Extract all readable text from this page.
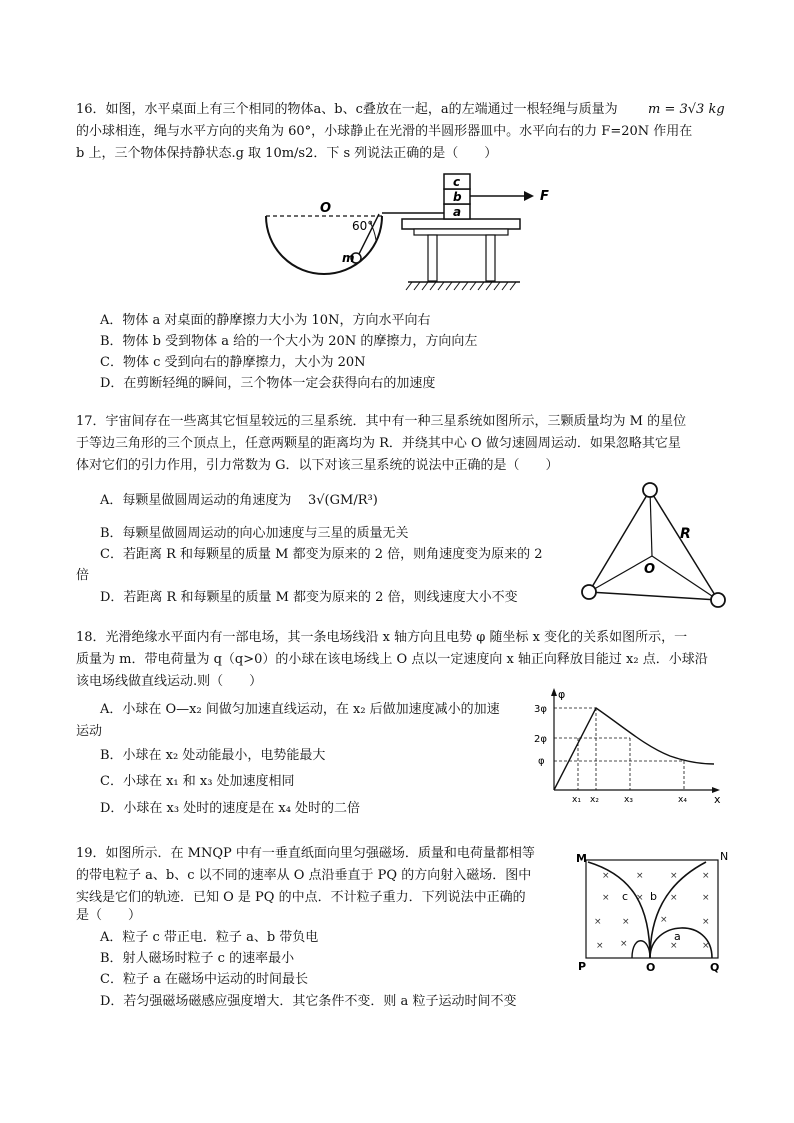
16．如图，水平桌面上有三个相同的物体a、b、c叠放在一起，a的左端通过一根轻绳与质量为 m = 3√3 kg
的小球相连，绳与水平方向的夹角为 60°，小球静止在光滑的半圆形器皿中。水平向右的力 F=20N 作用在
b 上，三个物体保持静状态.g 取 10m/s2．下 s 列说法正确的是（　　）
O
60°
m
a
b
c
F
A．物体 a 对桌面的静摩擦力大小为 10N，方向水平向右
B．物体 b 受到物体 a 给的一个大小为 20N 的摩擦力，方向向左
C．物体 c 受到向右的静摩擦力，大小为 20N
D．在剪断轻绳的瞬间，三个物体一定会获得向右的加速度
17．宇宙间存在一些离其它恒星较远的三星系统．其中有一种三星系统如图所示，三颗质量均为 M 的星位
于等边三角形的三个顶点上，任意两颗星的距离均为 R．并绕其中心 O 做匀速圆周运动．如果忽略其它星
体对它们的引力作用，引力常数为 G．以下对该三星系统的说法中正确的是（　　）
A．每颗星做圆周运动的角速度为 3√(GM/R³)
B．每颗星做圆周运动的向心加速度与三星的质量无关
C．若距离 R 和每颗星的质量 M 都变为原来的 2 倍，则角速度变为原来的 2
倍
D．若距离 R 和每颗星的质量 M 都变为原来的 2 倍，则线速度大小不变
R
O
18．光滑绝缘水平面内有一部电场，其一条电场线沿 x 轴方向且电势 φ 随坐标 x 变化的关系如图所示，一
质量为 m．带电荷量为 q（q>0）的小球在该电场线上 O 点以一定速度向 x 轴正向释放目能过 x₂ 点．小球沿
该电场线做直线运动.则（　　）
A．小球在 O—x₂ 间做匀加速直线运动，在 x₂ 后做加速度减小的加速
运动
B．小球在 x₂ 处动能最小，电势能最大
C．小球在 x₁ 和 x₃ 处加速度相同
D．小球在 x₃ 处时的速度是在 x₄ 处时的二倍
φ
x
3φ
2φ
φ
x₁ x₂	x₃	x₄
19．如图所示．在 MNQP 中有一垂直纸面向里匀强磁场．质量和电荷量都相等
的带电粒子 a、b、c 以不同的速率从 O 点沿垂直于 PQ 的方向射入磁场．图中
实线是它们的轨迹．已知 O 是 PQ 的中点．不计粒子重力．下列说法中正确的
是（　　）
A．粒子 c 带正电．粒子 a、b 带负电
B．射人磁场时粒子 c 的速率最小
C．粒子 a 在磁场中运动的时间最长
D．若匀强磁场磁感应强度增大．其它条件不变．则 a 粒子运动时间不变
×	×	×	×
×	×	×	×
× ×	×	×
× ×	×	×
M	N
P	O	Q
c b
a
